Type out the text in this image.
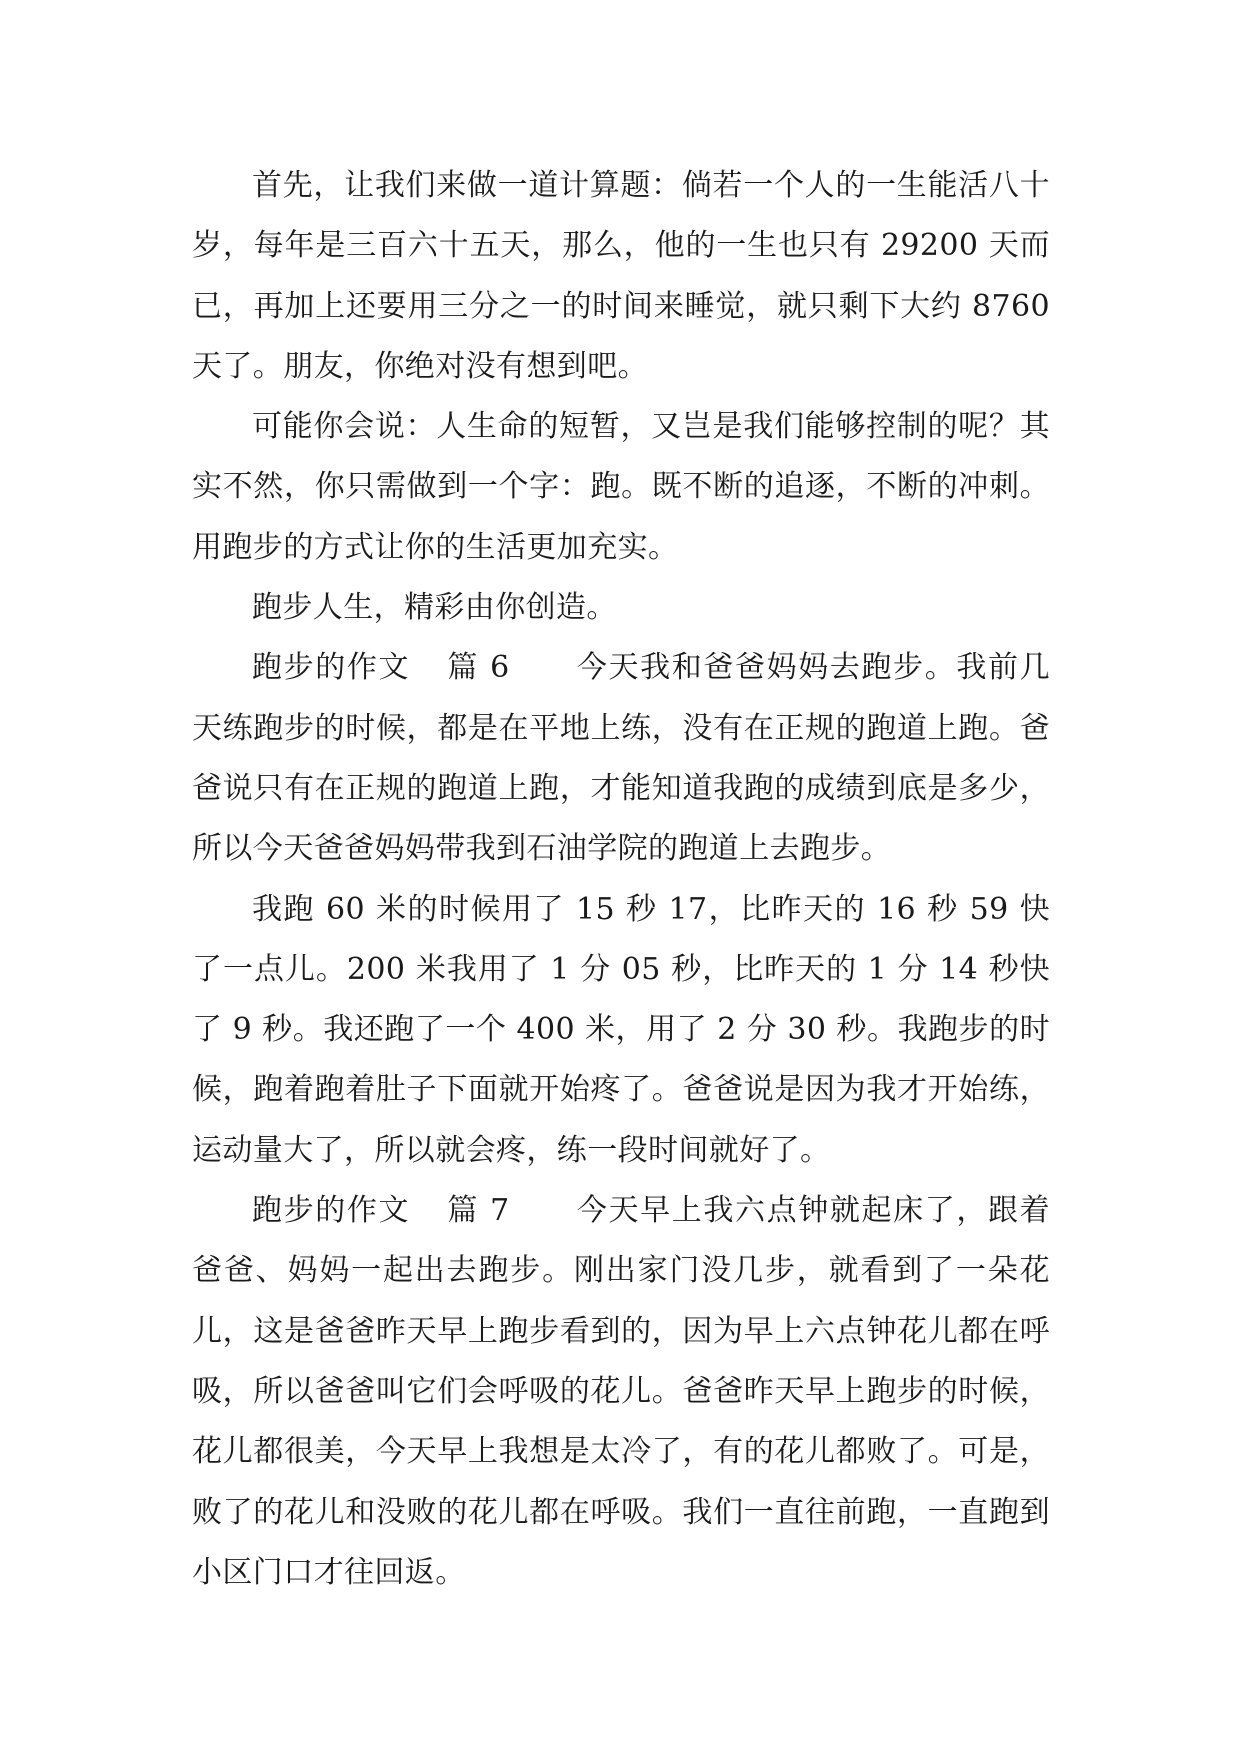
首先，让我们来做一道计算题：倘若一个人的一生能活八十岁，每年是三百六十五天，那么，他的一生也只有 29200 天而已，再加上还要用三分之一的时间来睡觉，就只剩下大约 8760 天了。朋友，你绝对没有想到吧。

可能你会说：人生命的短暂，又岂是我们能够控制的呢？其实不然，你只需做到一个字：跑。既不断的追逐，不断的冲刺。用跑步的方式让你的生活更加充实。

跑步人生，精彩由你创造。

跑步的作文 篇 6 今天我和爸爸妈妈去跑步。我前几天练跑步的时候，都是在平地上练，没有在正规的跑道上跑。爸爸说只有在正规的跑道上跑，才能知道我跑的成绩到底是多少，所以今天爸爸妈妈带我到石油学院的跑道上去跑步。

我跑 60 米的时候用了 15 秒 17，比昨天的 16 秒 59 快了一点儿。200 米我用了 1 分 05 秒，比昨天的 1 分 14 秒快了 9 秒。我还跑了一个 400 米，用了 2 分 30 秒。我跑步的时候，跑着跑着肚子下面就开始疼了。爸爸说是因为我才开始练，运动量大了，所以就会疼，练一段时间就好了。

跑步的作文 篇 7 今天早上我六点钟就起床了，跟着爸爸、妈妈一起出去跑步。刚出家门没几步，就看到了一朵花儿，这是爸爸昨天早上跑步看到的，因为早上六点钟花儿都在呼吸，所以爸爸叫它们会呼吸的花儿。爸爸昨天早上跑步的时候，花儿都很美，今天早上我想是太冷了，有的花儿都败了。可是，败了的花儿和没败的花儿都在呼吸。我们一直往前跑，一直跑到小区门口才往回返。
